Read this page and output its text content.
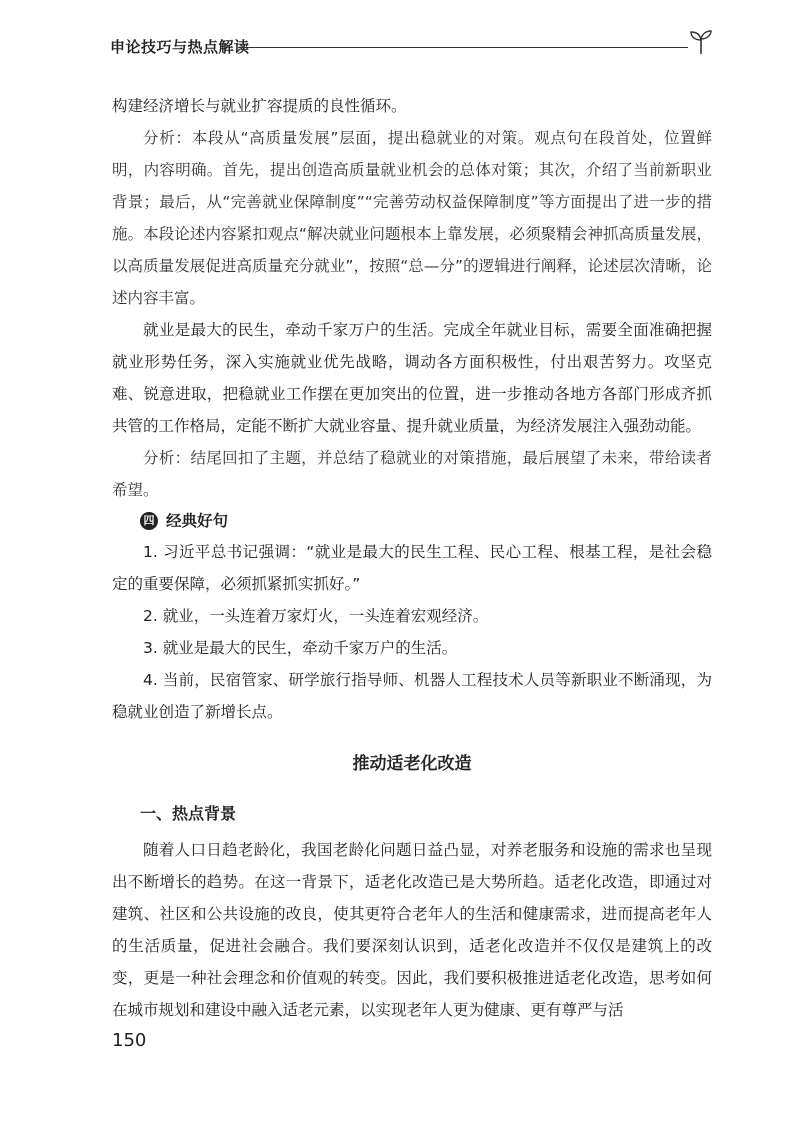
申论技巧与热点解读

构建经济增长与就业扩容提质的良性循环。

分析：本段从“高质量发展”层面，提出稳就业的对策。观点句在段首处，位置鲜明，内容明确。首先，提出创造高质量就业机会的总体对策；其次，介绍了当前新职业背景；最后，从“完善就业保障制度”“完善劳动权益保障制度”等方面提出了进一步的措施。本段论述内容紧扣观点“解决就业问题根本上靠发展，必须聚精会神抓高质量发展，以高质量发展促进高质量充分就业”，按照“总—分”的逻辑进行阐释，论述层次清晰，论述内容丰富。

就业是最大的民生，牵动千家万户的生活。完成全年就业目标，需要全面准确把握就业形势任务，深入实施就业优先战略，调动各方面积极性，付出艰苦努力。攻坚克难、锐意进取，把稳就业工作摆在更加突出的位置，进一步推动各地方各部门形成齐抓共管的工作格局，定能不断扩大就业容量、提升就业质量，为经济发展注入强劲动能。

分析：结尾回扣了主题，并总结了稳就业的对策措施，最后展望了未来，带给读者希望。

四 经典好句

1. 习近平总书记强调：“就业是最大的民生工程、民心工程、根基工程，是社会稳定的重要保障，必须抓紧抓实抓好。”

2. 就业，一头连着万家灯火，一头连着宏观经济。

3. 就业是最大的民生，牵动千家万户的生活。

4. 当前，民宿管家、研学旅行指导师、机器人工程技术人员等新职业不断涌现，为稳就业创造了新增长点。

推动适老化改造
一、热点背景

随着人口日趋老龄化，我国老龄化问题日益凸显，对养老服务和设施的需求也呈现出不断增长的趋势。在这一背景下，适老化改造已是大势所趋。适老化改造，即通过对建筑、社区和公共设施的改良，使其更符合老年人的生活和健康需求，进而提高老年人的生活质量，促进社会融合。我们要深刻认识到，适老化改造并不仅仅是建筑上的改变，更是一种社会理念和价值观的转变。因此，我们要积极推进适老化改造，思考如何在城市规划和建设中融入适老元素，以实现老年人更为健康、更有尊严与活

150
